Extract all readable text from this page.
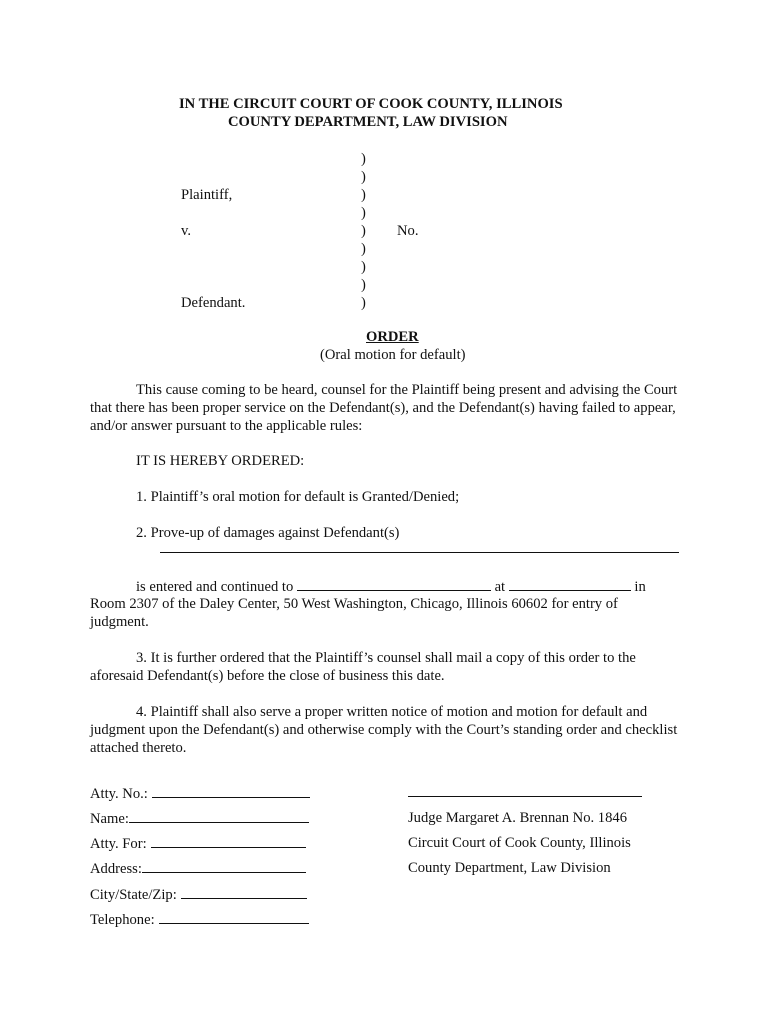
IN THE CIRCUIT COURT OF COOK COUNTY, ILLINOIS
COUNTY DEPARTMENT, LAW DIVISION
)
)
)
)
)
)
)
)
)
Plaintiff,
v.	No.
Defendant.
ORDER
(Oral motion for default)
This cause coming to be heard, counsel for the Plaintiff being present and advising the Court that there has been proper service on the Defendant(s), and the Defendant(s) having failed to appear, and/or answer pursuant to the applicable rules:
IT IS HEREBY ORDERED:
1. Plaintiff’s oral motion for default is Granted/Denied;
2. Prove-up of damages against Defendant(s)
is entered and continued to	at	in
Room 2307 of the Daley Center, 50 West Washington, Chicago, Illinois 60602 for entry of judgment.
3. It is further ordered that the Plaintiff’s counsel shall mail a copy of this order to the aforesaid Defendant(s) before the close of business this date.
4. Plaintiff shall also serve a proper written notice of motion and motion for default and judgment upon the Defendant(s) and otherwise comply with the Court’s standing order and checklist attached thereto.
Atty. No.:
Name:
Atty. For:
Address:
City/State/Zip:
Telephone:
Judge Margaret A. Brennan No. 1846
Circuit Court of Cook County, Illinois
County Department, Law Division
